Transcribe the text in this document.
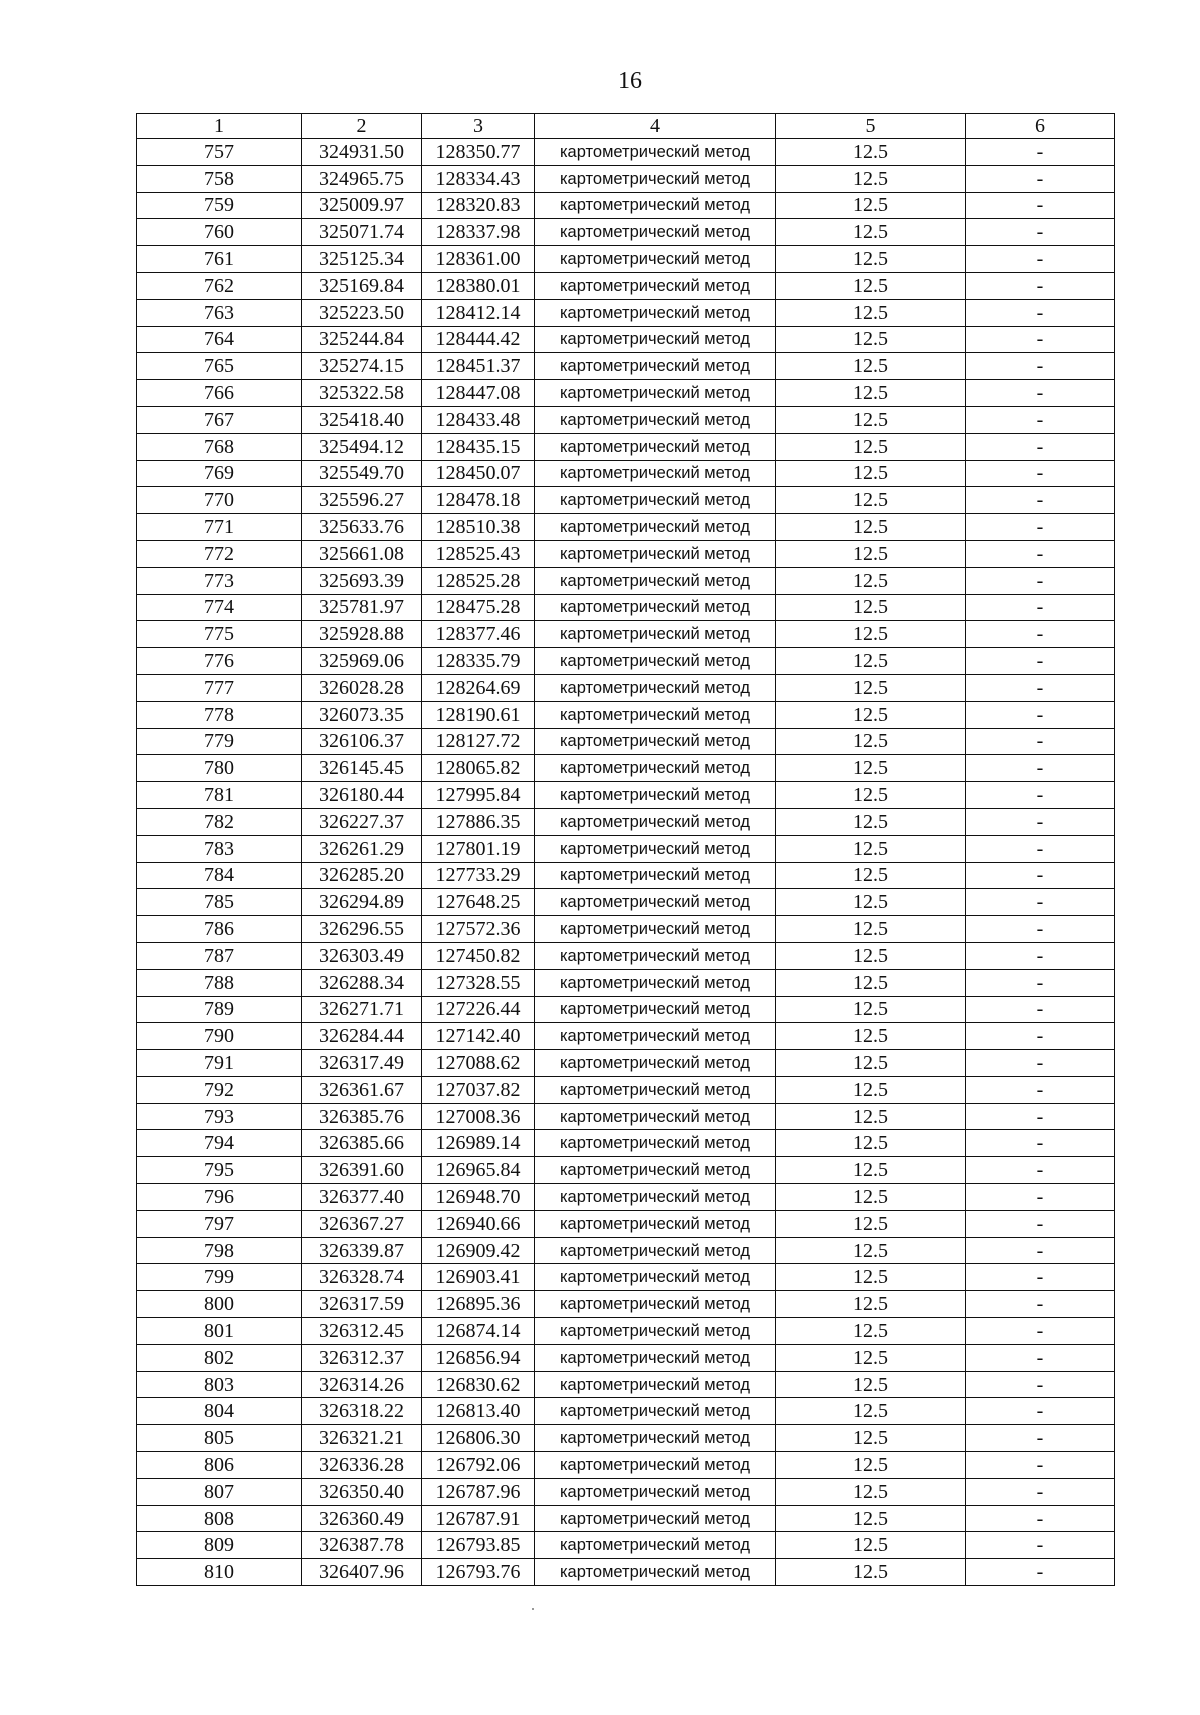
16
1	2	3	4	5	6
757	324931.50	128350.77	картометрический метод	12.5	-
758	324965.75	128334.43	картометрический метод	12.5	-
759	325009.97	128320.83	картометрический метод	12.5	-
760	325071.74	128337.98	картометрический метод	12.5	-
761	325125.34	128361.00	картометрический метод	12.5	-
762	325169.84	128380.01	картометрический метод	12.5	-
763	325223.50	128412.14	картометрический метод	12.5	-
764	325244.84	128444.42	картометрический метод	12.5	-
765	325274.15	128451.37	картометрический метод	12.5	-
766	325322.58	128447.08	картометрический метод	12.5	-
767	325418.40	128433.48	картометрический метод	12.5	-
768	325494.12	128435.15	картометрический метод	12.5	-
769	325549.70	128450.07	картометрический метод	12.5	-
770	325596.27	128478.18	картометрический метод	12.5	-
771	325633.76	128510.38	картометрический метод	12.5	-
772	325661.08	128525.43	картометрический метод	12.5	-
773	325693.39	128525.28	картометрический метод	12.5	-
774	325781.97	128475.28	картометрический метод	12.5	-
775	325928.88	128377.46	картометрический метод	12.5	-
776	325969.06	128335.79	картометрический метод	12.5	-
777	326028.28	128264.69	картометрический метод	12.5	-
778	326073.35	128190.61	картометрический метод	12.5	-
779	326106.37	128127.72	картометрический метод	12.5	-
780	326145.45	128065.82	картометрический метод	12.5	-
781	326180.44	127995.84	картометрический метод	12.5	-
782	326227.37	127886.35	картометрический метод	12.5	-
783	326261.29	127801.19	картометрический метод	12.5	-
784	326285.20	127733.29	картометрический метод	12.5	-
785	326294.89	127648.25	картометрический метод	12.5	-
786	326296.55	127572.36	картометрический метод	12.5	-
787	326303.49	127450.82	картометрический метод	12.5	-
788	326288.34	127328.55	картометрический метод	12.5	-
789	326271.71	127226.44	картометрический метод	12.5	-
790	326284.44	127142.40	картометрический метод	12.5	-
791	326317.49	127088.62	картометрический метод	12.5	-
792	326361.67	127037.82	картометрический метод	12.5	-
793	326385.76	127008.36	картометрический метод	12.5	-
794	326385.66	126989.14	картометрический метод	12.5	-
795	326391.60	126965.84	картометрический метод	12.5	-
796	326377.40	126948.70	картометрический метод	12.5	-
797	326367.27	126940.66	картометрический метод	12.5	-
798	326339.87	126909.42	картометрический метод	12.5	-
799	326328.74	126903.41	картометрический метод	12.5	-
800	326317.59	126895.36	картометрический метод	12.5	-
801	326312.45	126874.14	картометрический метод	12.5	-
802	326312.37	126856.94	картометрический метод	12.5	-
803	326314.26	126830.62	картометрический метод	12.5	-
804	326318.22	126813.40	картометрический метод	12.5	-
805	326321.21	126806.30	картометрический метод	12.5	-
806	326336.28	126792.06	картометрический метод	12.5	-
807	326350.40	126787.96	картометрический метод	12.5	-
808	326360.49	126787.91	картометрический метод	12.5	-
809	326387.78	126793.85	картометрический метод	12.5	-
810	326407.96	126793.76	картометрический метод	12.5	-
